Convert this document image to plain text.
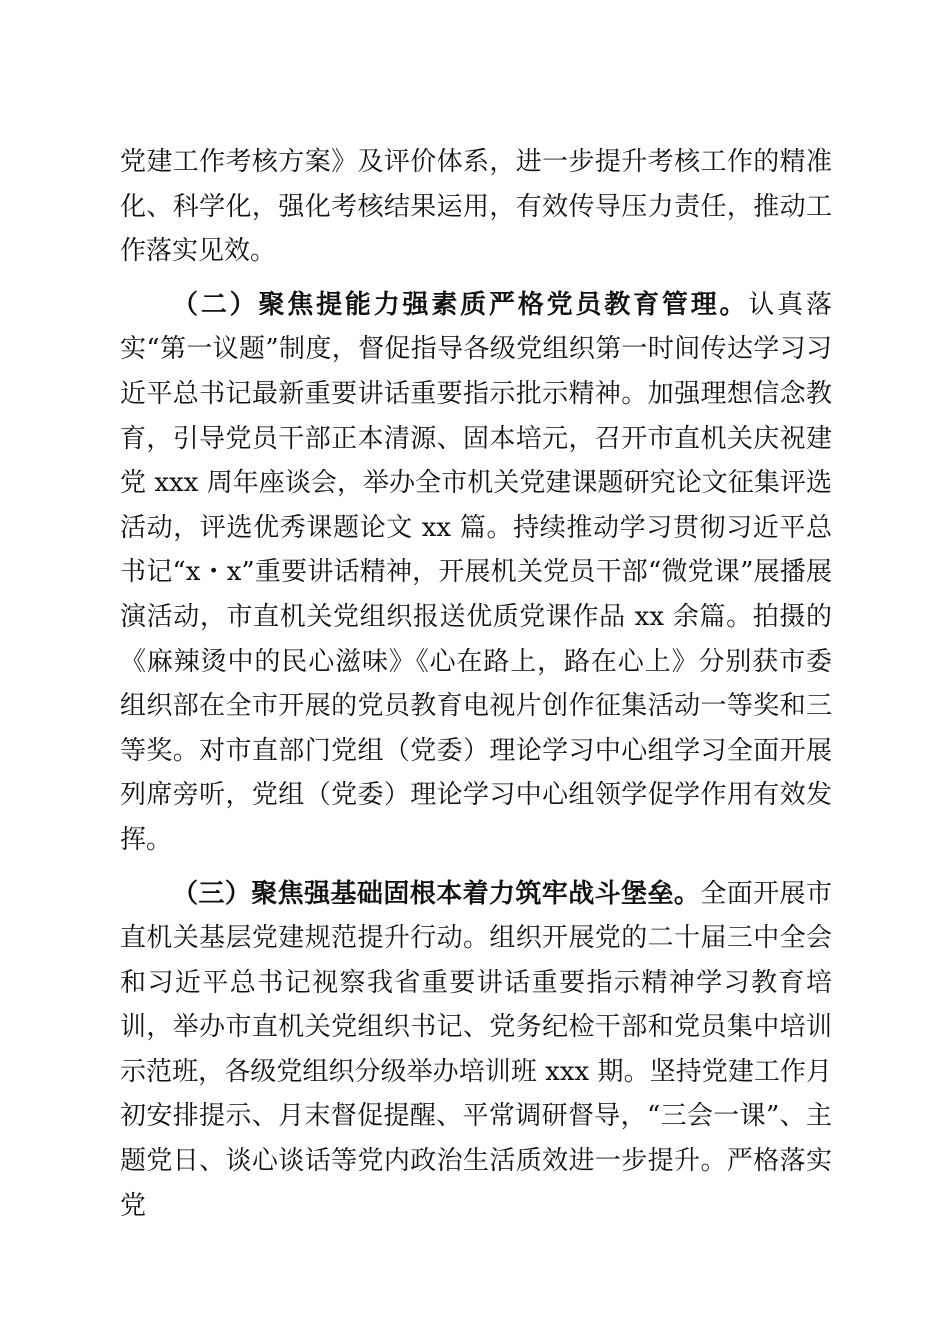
党建工作考核方案》及评价体系，进一步提升考核工作的精准化、科学化，强化考核结果运用，有效传导压力责任，推动工作落实见效。

（二）聚焦提能力强素质严格党员教育管理。认真落实“第一议题”制度，督促指导各级党组织第一时间传达学习习近平总书记最新重要讲话重要指示批示精神。加强理想信念教育，引导党员干部正本清源、固本培元，召开市直机关庆祝建党 xxx 周年座谈会，举办全市机关党建课题研究论文征集评选活动，评选优秀课题论文 xx 篇。持续推动学习贯彻习近平总书记“x・x”重要讲话精神，开展机关党员干部“微党课”展播展演活动，市直机关党组织报送优质党课作品 xx 余篇。拍摄的《麻辣烫中的民心滋味》《心在路上，路在心上》分别获市委组织部在全市开展的党员教育电视片创作征集活动一等奖和三等奖。对市直部门党组（党委）理论学习中心组学习全面开展列席旁听，党组（党委）理论学习中心组领学促学作用有效发挥。

（三）聚焦强基础固根本着力筑牢战斗堡垒。全面开展市直机关基层党建规范提升行动。组织开展党的二十届三中全会和习近平总书记视察我省重要讲话重要指示精神学习教育培训，举办市直机关党组织书记、党务纪检干部和党员集中培训示范班，各级党组织分级举办培训班 xxx 期。坚持党建工作月初安排提示、月末督促提醒、平常调研督导，“三会一课”、主题党日、谈心谈话等党内政治生活质效进一步提升。严格落实党
